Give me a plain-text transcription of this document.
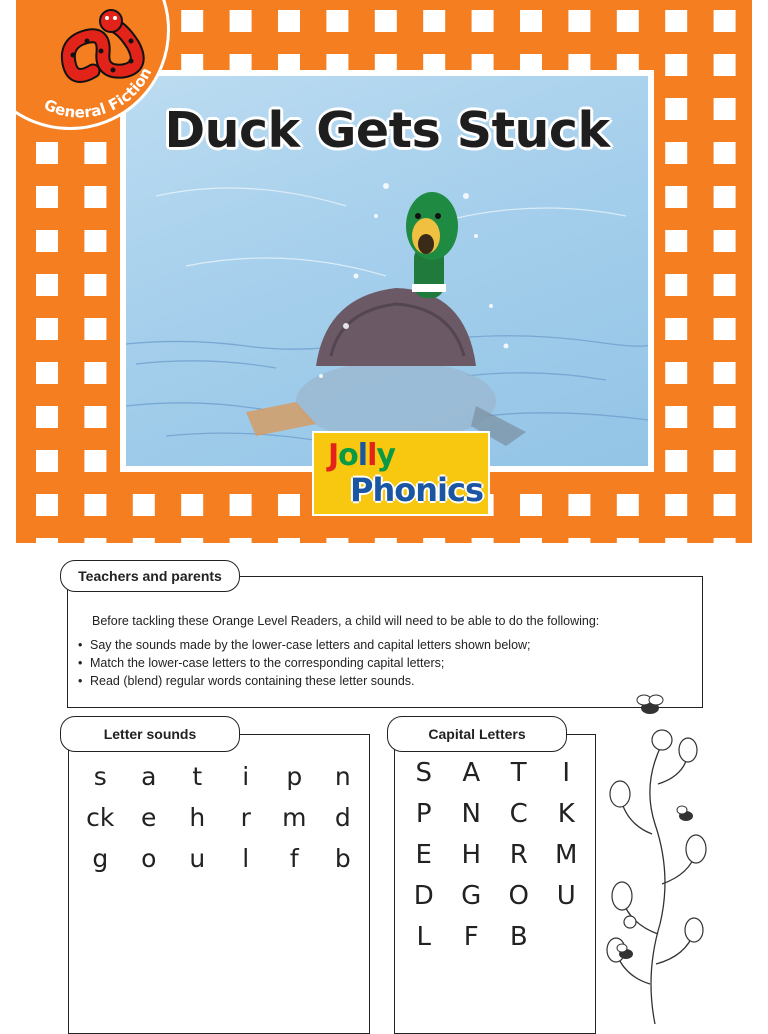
Duck Gets Stuck
Jolly
Phonics
General Fiction
Teachers and parents
Before tackling these Orange Level Readers, a child will need to be able to do the following:
• Say the sounds made by the lower-case letters and capital letters shown below;
• Match the lower-case letters to the corresponding capital letters;
• Read (blend) regular words containing these letter sounds.
Letter sounds
s	a	t	i	p	n
ck	e	h	r	m	d
g	o	u	l	f	b
Capital Letters
S	A	T	I
P	N	C	K
E	H	R	M
D	G	O	U
L	F	B
